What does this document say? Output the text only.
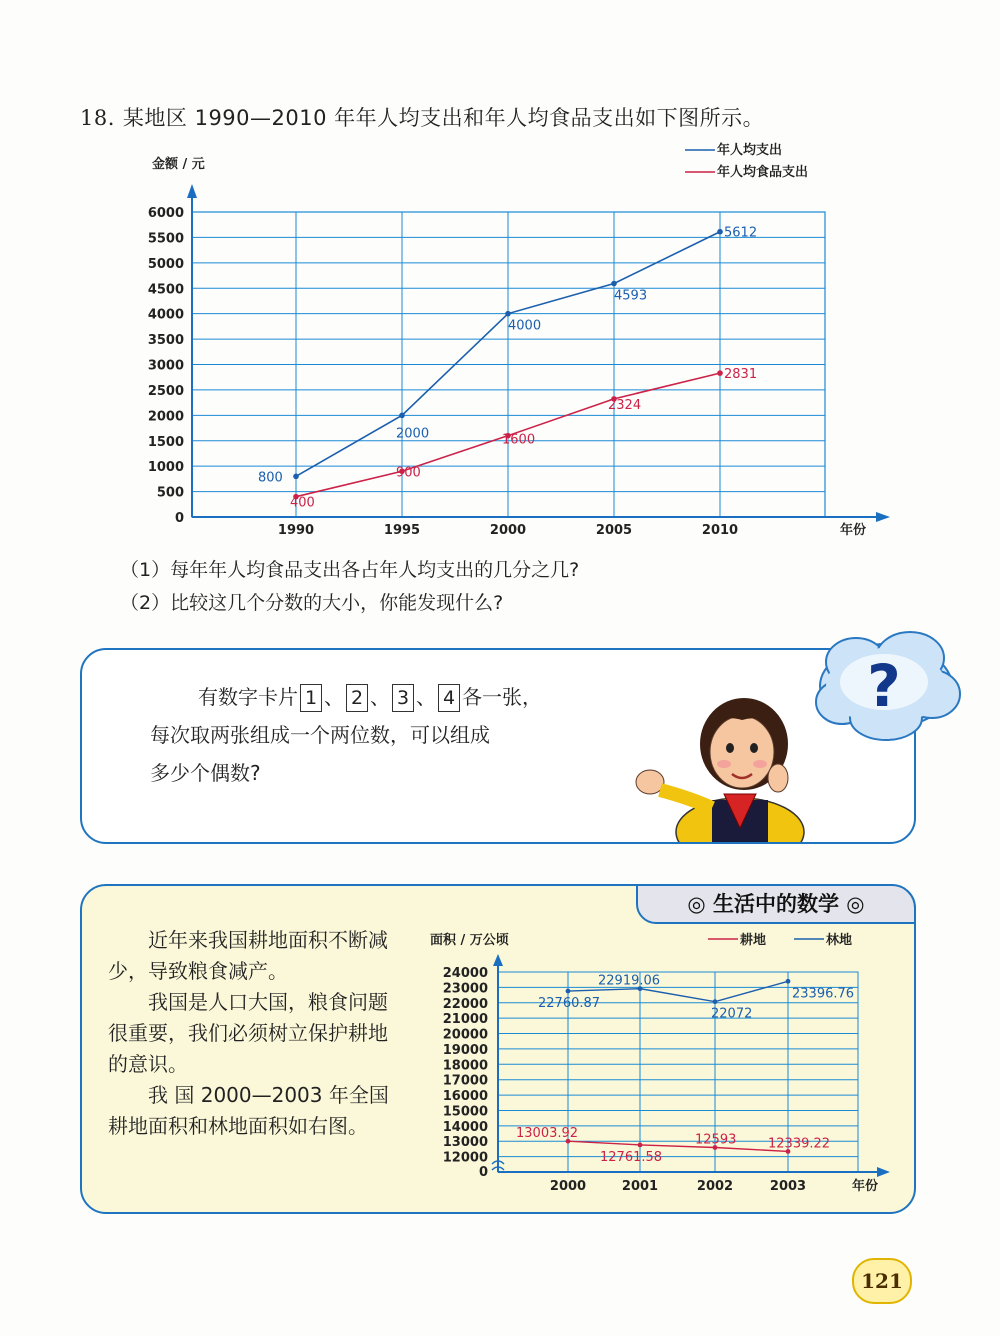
18. 某地区 1990—2010 年年人均支出和年人均食品支出如下图所示。
0
500
1000
1500
2000
2500
3000
3500
4000
4500
5000
5500
6000
1990	1995	2000	2005	2010
800
2000
4000
4593
5612
400
900
1600
2324
2831
年人均支出
年人均食品支出
金额 / 元
年份
（1）每年年人均食品支出各占年人均支出的几分之几?
（2）比较这几个分数的大小，你能发现什么?
有数字卡片 1 、 2 、 3 、 4 各一张，
每次取两张组成一个两位数，可以组成
多少个偶数?
?
◎ 生活中的数学 ◎

近年来我国耕地面积不断减少，导致粮食减产。

我国是人口大国，粮食问题很重要，我们必须树立保护耕地的意识。

我 国 2000—2003 年全国耕地面积和林地面积如右图。

0
12000
13000
14000
15000
16000
17000
18000
19000
20000
21000
22000
23000
24000
2000	2001	2002	2003
13003.92
12761.58
12593 12339.22
22760.87
22919.06
22072
23396.76
耕地	林地
面积 / 万公顷
年份
121
